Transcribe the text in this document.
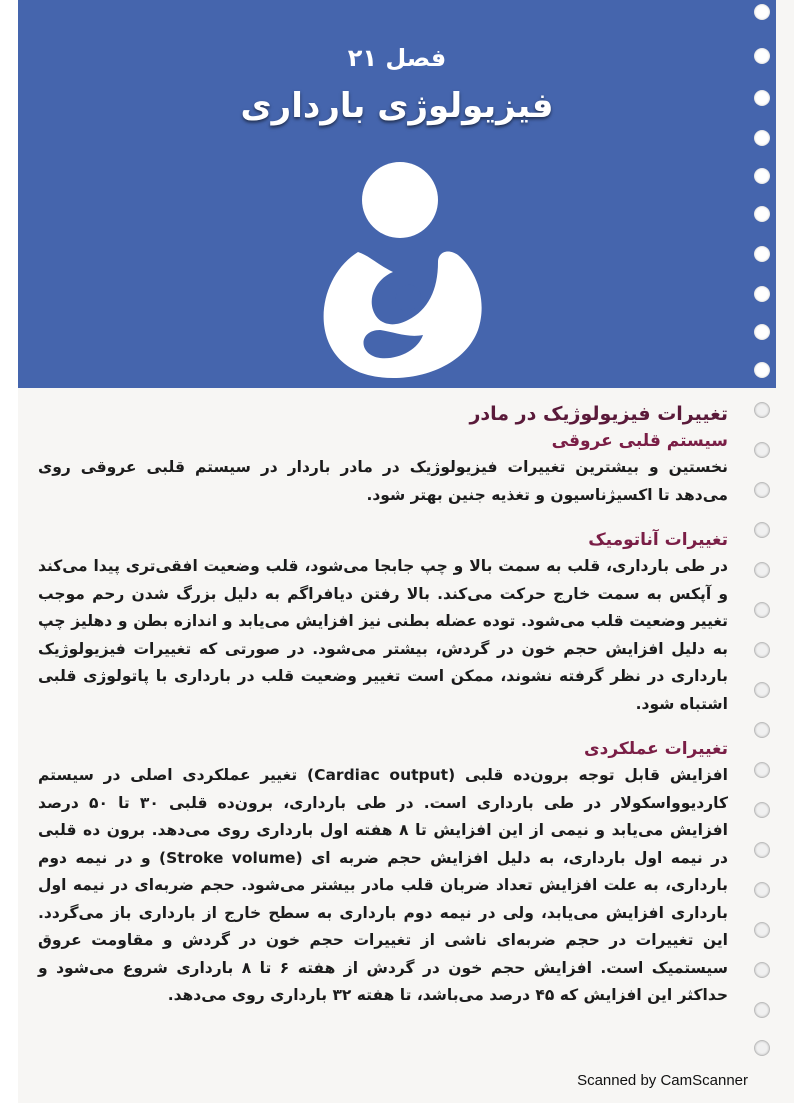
فصل ۲۱
فیزیولوژی بارداری

تغییرات فیزیولوژیک در مادر

سیستم قلبی عروقی

نخستین و بیشترین تغییرات فیزیولوژیک در مادر باردار در سیستم قلبی عروقی روی می‌دهد تا اکسیژناسیون و تغذیه جنین بهتر شود.

تغییرات آناتومیک

در طی بارداری، قلب به سمت بالا و چپ جابجا می‌شود، قلب وضعیت افقی‌تری پیدا می‌کند و آپکس به سمت خارج حرکت می‌کند. بالا رفتن دیافراگم به دلیل بزرگ شدن رحم موجب تغییر وضعیت قلب می‌شود. توده عضله بطنی نیز افزایش می‌یابد و اندازه بطن و دهلیز چپ به دلیل افزایش حجم خون در گردش، بیشتر می‌شود. در صورتی که تغییرات فیزیولوژیک بارداری در نظر گرفته نشوند، ممکن است تغییر وضعیت قلب در بارداری با پاتولوژی قلبی اشتباه شود.

تغییرات عملکردی

افزایش قابل توجه برون‌ده قلبی (Cardiac output) تغییر عملکردی اصلی در سیستم کاردیوواسکولار در طی بارداری است. در طی بارداری، برون‌ده قلبی ۳۰ تا ۵۰ درصد افزایش می‌یابد و نیمی از این افزایش تا ۸ هفته اول بارداری روی می‌دهد. برون ده قلبی در نیمه اول بارداری، به دلیل افزایش حجم ضربه ای (Stroke volume) و در نیمه دوم بارداری، به علت افزایش تعداد ضربان قلب مادر بیشتر می‌شود. حجم ضربه‌ای در نیمه اول بارداری افزایش می‌یابد، ولی در نیمه دوم بارداری به سطح خارج از بارداری باز می‌گردد. این تغییرات در حجم ضربه‌ای ناشی از تغییرات حجم خون در گردش و مقاومت عروق سیستمیک است. افزایش حجم خون در گردش از هفته ۶ تا ۸ بارداری شروع می‌شود و حداکثر این افزایش که ۴۵ درصد می‌باشد، تا هفته ۳۲ بارداری روی می‌دهد.

Scanned by CamScanner
